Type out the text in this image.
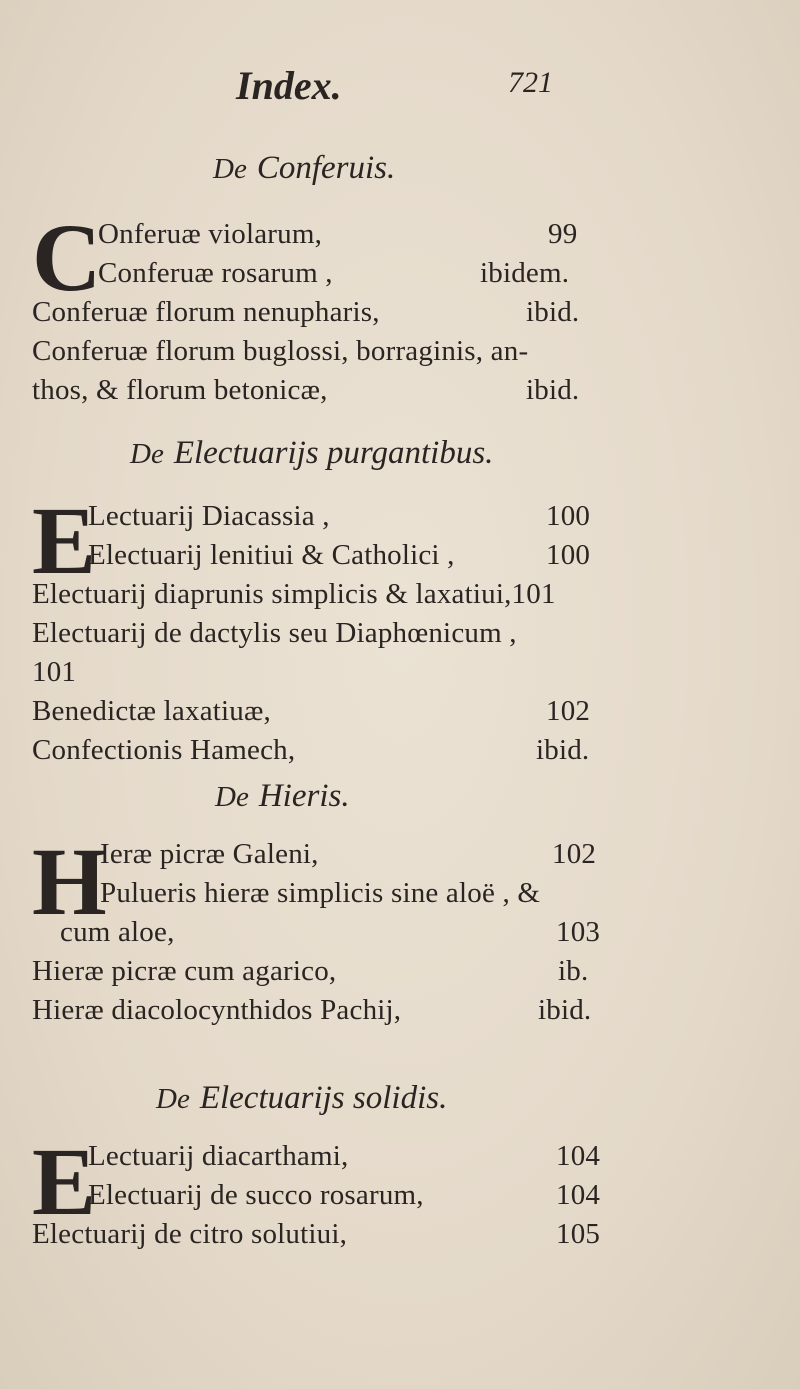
Index.	721
De Conferuis.
C
Onferuæ violarum,	99
Conferuæ rosarum ,	ibidem.
Conferuæ florum nenupharis,	ibid.
Conferuæ florum buglossi, borraginis, an-
thos, & florum betonicæ,	ibid.
De Electuarijs purgantibus.
E
Lectuarij Diacassia ,	100
Electuarij lenitiui & Catholici ,	100
Electuarij diaprunis simplicis & laxatiui,101
Electuarij de dactylis seu Diaphœnicum ,
101
Benedictæ laxatiuæ,	102
Confectionis Hamech,	ibid.
De Hieris.
H
Ieræ picræ Galeni,	102
Pulueris hieræ simplicis sine aloë , &
cum aloe,	103
Hieræ picræ cum agarico,	ib.
Hieræ diacolocynthidos Pachij,	ibid.
De Electuarijs solidis.
E
Lectuarij diacarthami,	104
Electuarij de succo rosarum,	104
Electuarij de citro solutiui,	105
